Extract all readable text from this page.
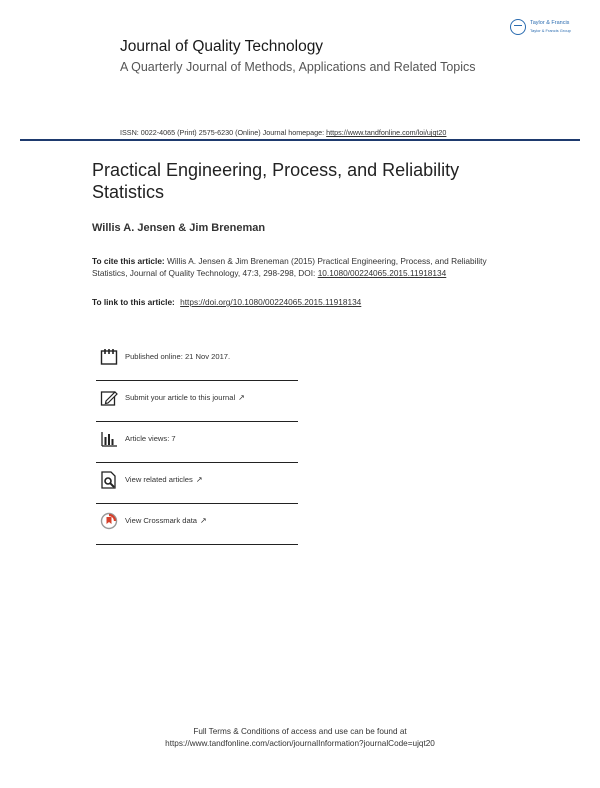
Journal of Quality Technology
A Quarterly Journal of Methods, Applications and Related Topics
Taylor & Francis
Taylor & Francis Group
ISSN: 0022-4065 (Print) 2575-6230 (Online) Journal homepage: https://www.tandfonline.com/loi/ujqt20
Practical Engineering, Process, and Reliability Statistics
Willis A. Jensen & Jim Breneman
To cite this article: Willis A. Jensen & Jim Breneman (2015) Practical Engineering, Process, and Reliability Statistics, Journal of Quality Technology, 47:3, 298-298, DOI: 10.1080/00224065.2015.11918134
To link to this article: https://doi.org/10.1080/00224065.2015.11918134
Published online: 21 Nov 2017.
Submit your article to this journal ↗
Article views: 7
View related articles ↗
View Crossmark data ↗
Full Terms & Conditions of access and use can be found at
https://www.tandfonline.com/action/journalInformation?journalCode=ujqt20
